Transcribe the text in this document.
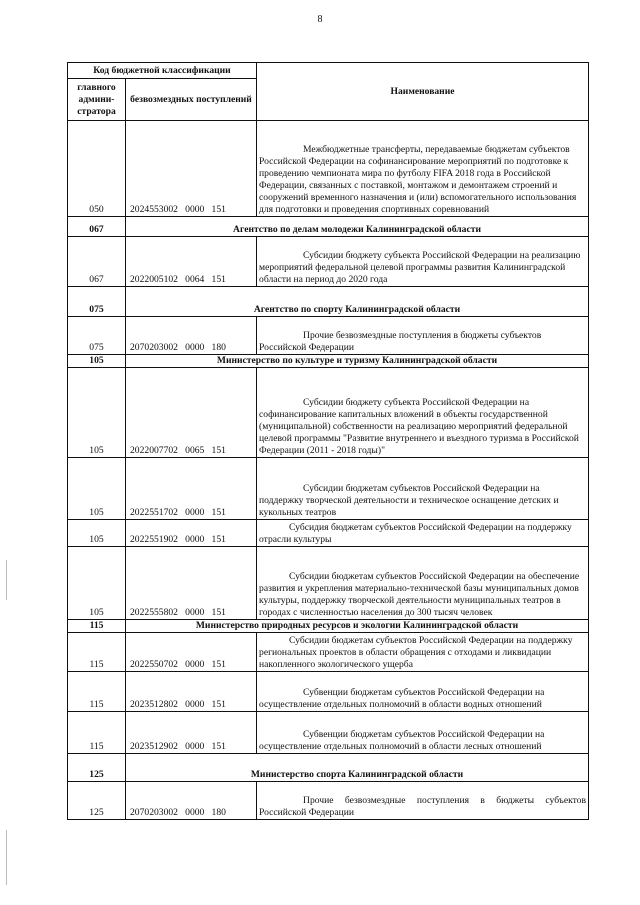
8
Код бюджетной классификации		Наименование
главного админи-стратора	безвозмездных поступлений	
050	2024553002   0000   151	Межбюджетные трансферты, передаваемые бюджетам субъектов Российской Федерации на софинансирование мероприятий по подготовке к проведению чемпионата мира по футболу FIFA 2018 года в Российской Федерации, связанных с поставкой, монтажом и демонтажем строений и сооружений временного назначения и (или) вспомогательного использования для подготовки и проведения спортивных соревнований
067	Агентство по делам молодежи Калининградской области	
067	2022005102   0064   151	Субсидии бюджету субъекта Российской Федерации на реализацию мероприятий федеральной целевой программы развития Калининградской области на период до 2020 года
075	Агентство по спорту Калининградской области	
075	2070203002   0000   180	Прочие безвозмездные поступления в бюджеты субъектов Российской Федерации
105	Министерство по культуре и туризму Калининградской области	
105	2022007702   0065   151	Субсидии бюджету субъекта Российской Федерации на софинансирование капитальных вложений в объекты государственной (муниципальной) собственности на реализацию мероприятий федеральной целевой программы "Развитие внутреннего и въездного туризма в Российской Федерации (2011 - 2018 годы)"
105	2022551702   0000   151	Субсидии бюджетам субъектов Российской Федерации на поддержку творческой деятельности и техническое оснащение детских и кукольных театров
105	2022551902   0000   151	Субсидия бюджетам субъектов Российской Федерации на поддержку отрасли культуры
105	2022555802   0000   151	Субсидии бюджетам субъектов Российской Федерации на обеспечение развития и укрепления материально-технической базы муниципальных домов культуры, поддержку творческой деятельности муниципальных театров в городах с численностью населения до 300 тысяч человек
115	Министерство природных ресурсов и экологии Калининградской области	
115	2022550702   0000   151	Субсидии бюджетам субъектов Российской Федерации на поддержку региональных проектов в области обращения с отходами и ликвидации накопленного экологического ущерба
115	2023512802   0000   151	Субвенции бюджетам субъектов Российской Федерации на осуществление отдельных полномочий в области водных отношений
115	2023512902   0000   151	Субвенции бюджетам субъектов Российской Федерации на осуществление отдельных полномочий в области лесных отношений
125	Министерство спорта Калининградской области	
125	2070203002   0000   180	Прочие безвозмездные поступления в бюджеты субъектов Российской Федерации
